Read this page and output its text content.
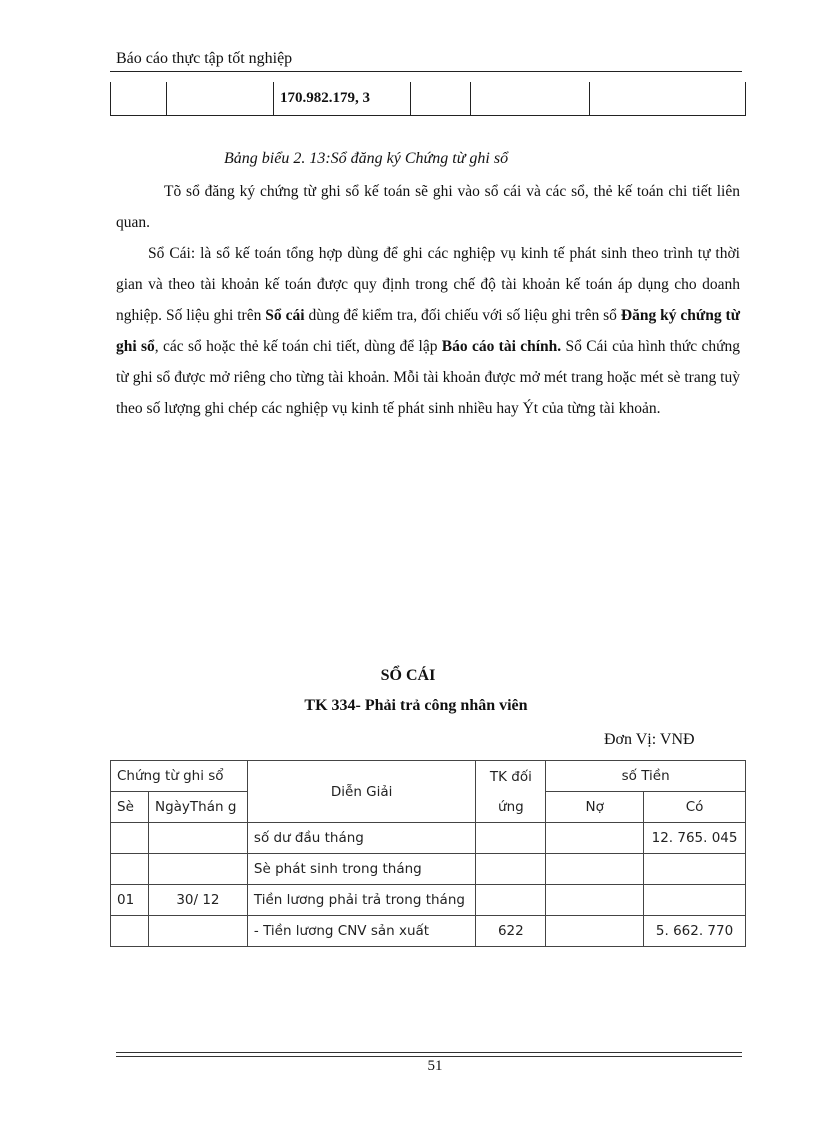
Báo cáo thực tập tốt nghiệp
		170.982.179, 3			
Bảng biểu 2. 13:Sổ đăng ký Chứng từ ghi sổ

Tõ sổ đăng ký chứng từ ghi sổ kế toán sẽ ghi vào sổ cái và các sổ, thẻ kế toán chi tiết liên quan.

Sổ Cái: là sổ kế toán tổng hợp dùng để ghi các nghiệp vụ kinh tế phát sinh theo trình tự thời gian và theo tài khoản kế toán được quy định trong chế độ tài khoản kế toán áp dụng cho doanh nghiệp. Số liệu ghi trên Sổ cái dùng để kiểm tra, đối chiếu với số liệu ghi trên sổ Đăng ký chứng từ ghi sổ, các sổ hoặc thẻ kế toán chi tiết, dùng để lập Báo cáo tài chính. Sổ Cái của hình thức chứng từ ghi sổ được mở riêng cho từng tài khoản. Mỗi tài khoản được mở mét trang hoặc mét sè trang tuỳ theo số lượng ghi chép các nghiệp vụ kinh tế phát sinh nhiều hay Ýt của từng tài khoản.

SỔ CÁI
TK 334- Phải trả công nhân viên
Đơn Vị: VNĐ
Chứng từ ghi sổ		Diễn Giải	TK đối ứng	số Tiền	
Sè	NgàyThán g			Nợ	Có
		số dư đầu tháng			12. 765. 045
		Sè phát sinh trong tháng			
01	30/ 12	Tiền lương phải trả trong tháng			
		- Tiền lương CNV sản xuất	622		5. 662. 770
51
